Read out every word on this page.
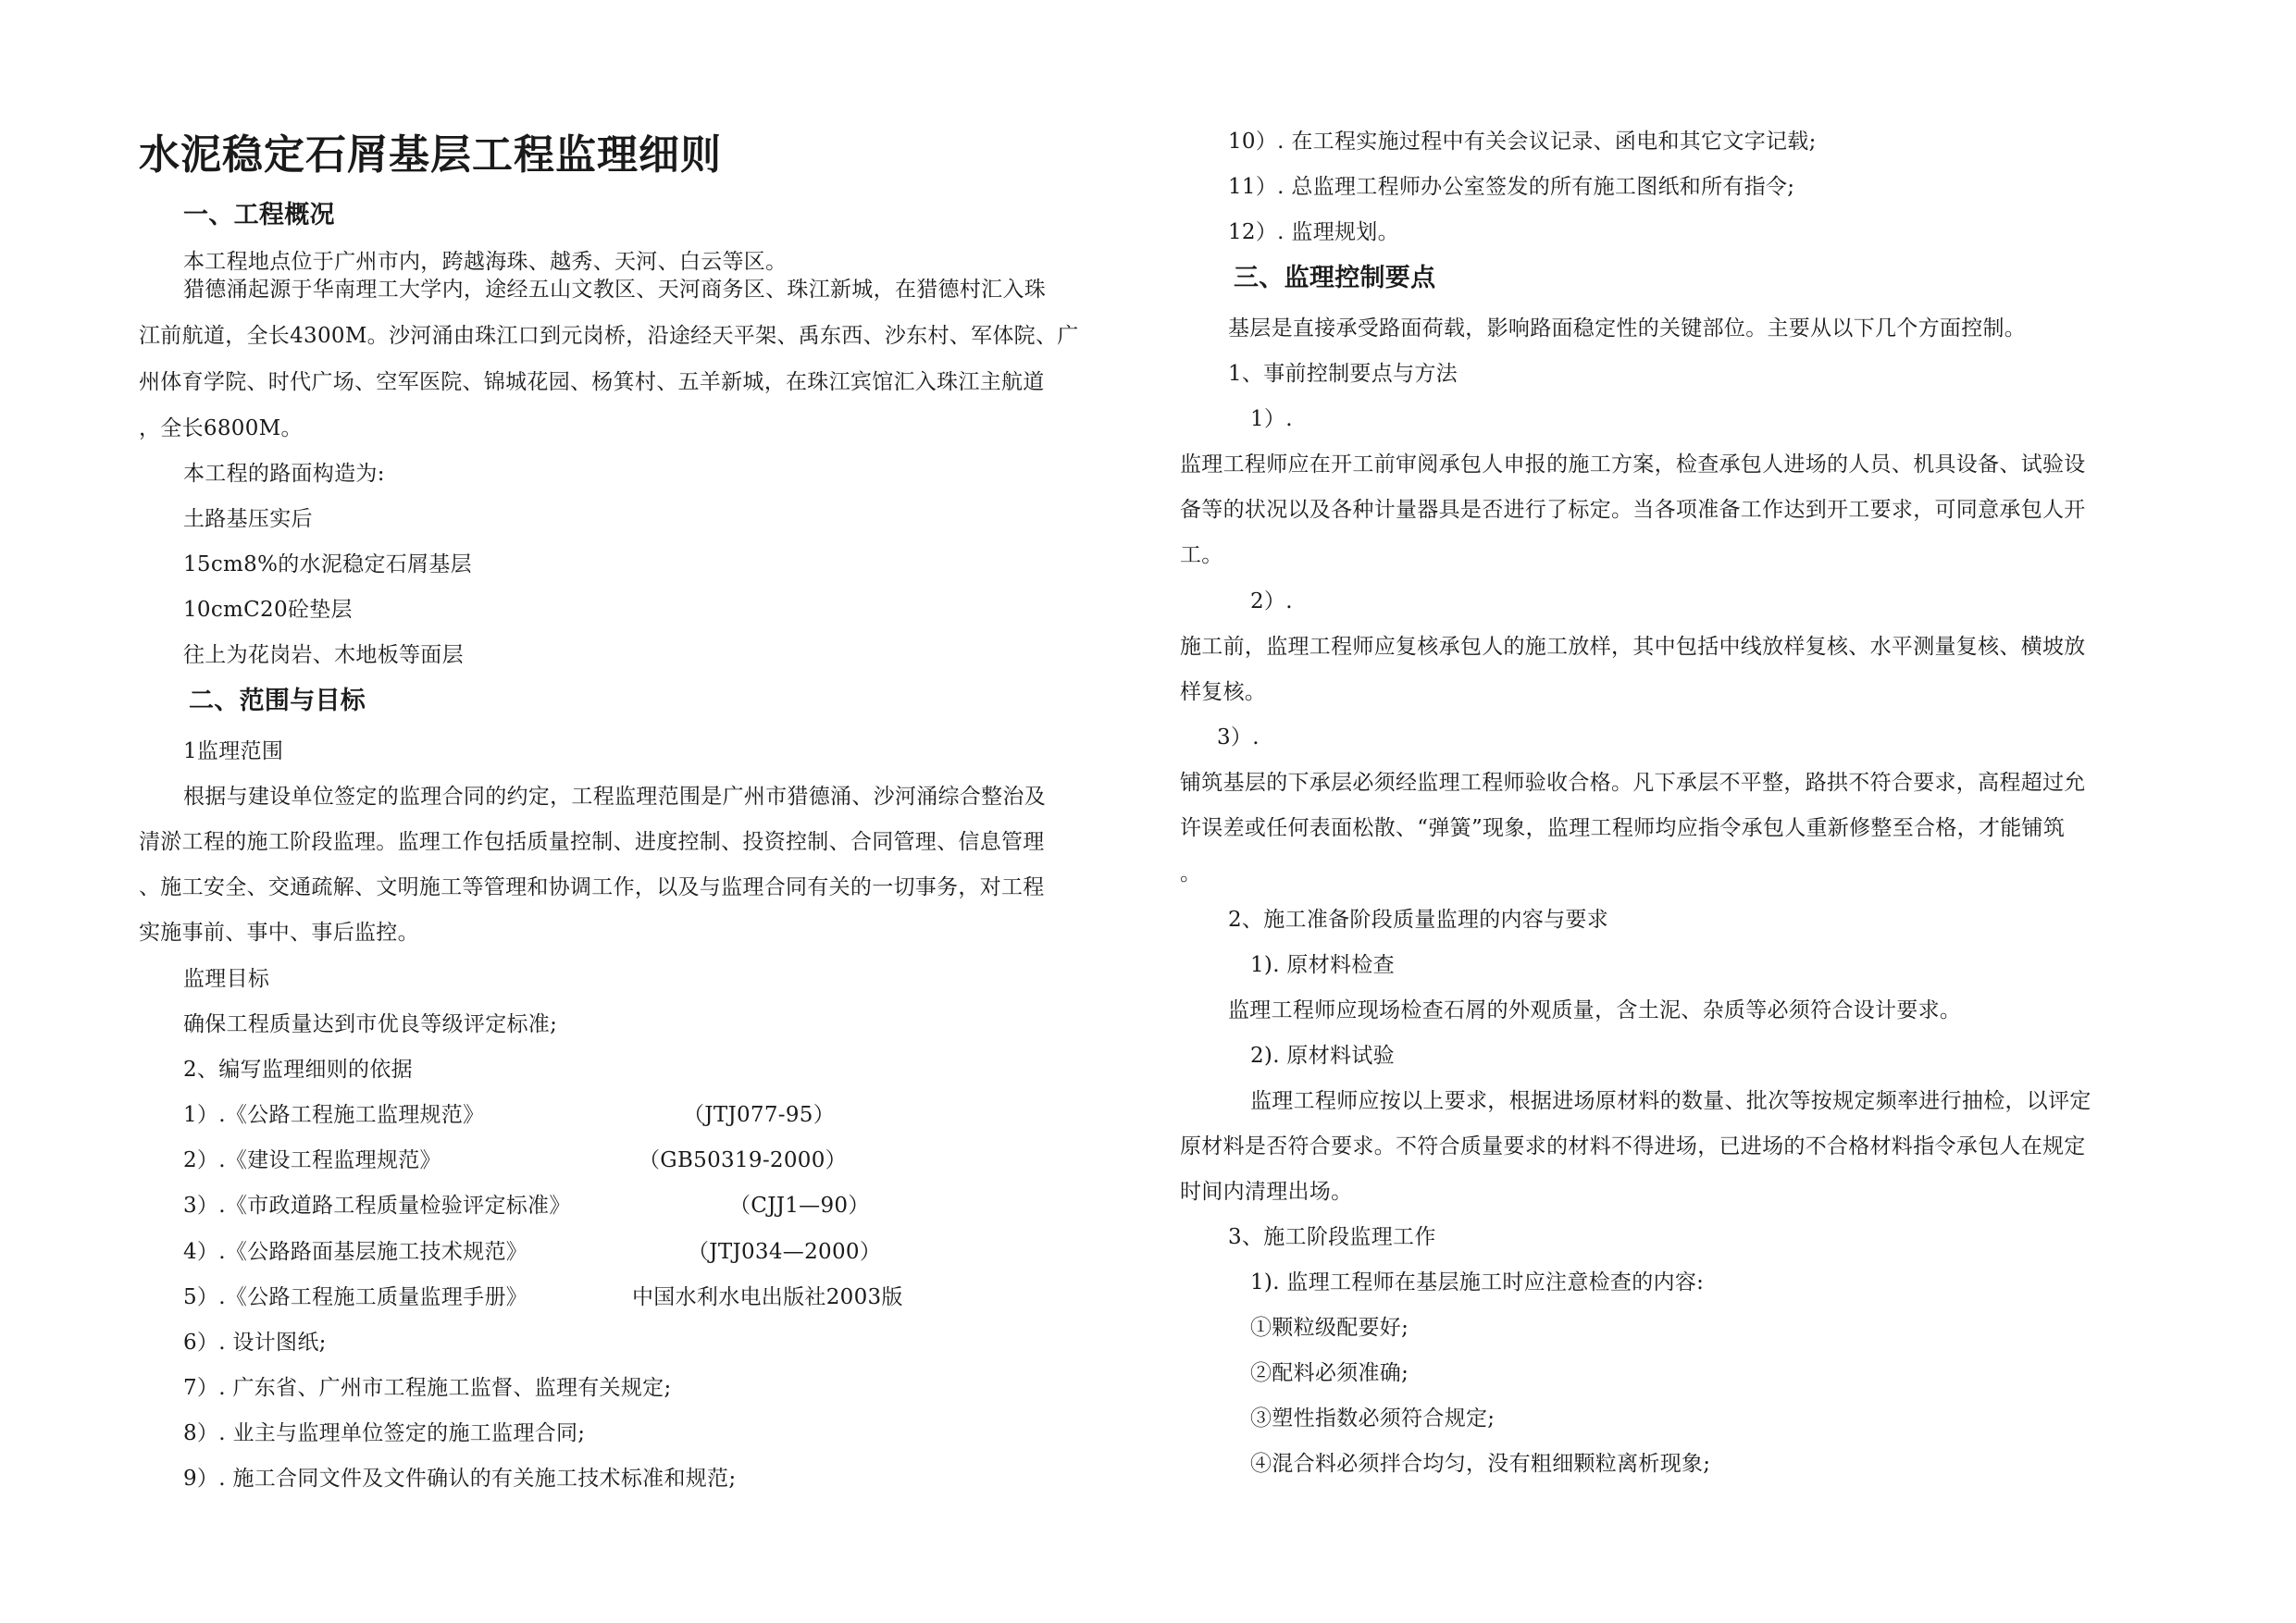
水泥稳定石屑基层工程监理细则
一、工程概况
本工程地点位于广州市内，跨越海珠、越秀、天河、白云等区。
猎德涌起源于华南理工大学内，途经五山文教区、天河商务区、珠江新城，在猎德村汇入珠
江前航道，全长4300M。沙河涌由珠江口到元岗桥，沿途经天平架、禹东西、沙东村、军体院、广
州体育学院、时代广场、空军医院、锦城花园、杨箕村、五羊新城，在珠江宾馆汇入珠江主航道
，全长6800M。
本工程的路面构造为:
土路基压实后
15cm8%的水泥稳定石屑基层
10cmC20砼垫层
往上为花岗岩、木地板等面层
二、范围与目标
1监理范围
根据与建设单位签定的监理合同的约定，工程监理范围是广州市猎德涌、沙河涌综合整治及
清淤工程的施工阶段监理。监理工作包括质量控制、进度控制、投资控制、合同管理、信息管理
、施工安全、交通疏解、文明施工等管理和协调工作，以及与监理合同有关的一切事务，对工程
实施事前、事中、事后监控。
监理目标
确保工程质量达到市优良等级评定标准;
2、编写监理细则的依据
1）.《公路工程施工监理规范》	（JTJ077-95）
2）.《建设工程监理规范》	（GB50319-2000）
3）.《市政道路工程质量检验评定标准》	（CJJ1—90）
4）.《公路路面基层施工技术规范》	（JTJ034—2000）
5）.《公路工程施工质量监理手册》	中国水利水电出版社2003版
6）. 设计图纸;
7）. 广东省、广州市工程施工监督、监理有关规定;
8）. 业主与监理单位签定的施工监理合同;
9）. 施工合同文件及文件确认的有关施工技术标准和规范;
10）. 在工程实施过程中有关会议记录、函电和其它文字记载;
11）. 总监理工程师办公室签发的所有施工图纸和所有指令;
12）. 监理规划。
三、监理控制要点
基层是直接承受路面荷载，影响路面稳定性的关键部位。主要从以下几个方面控制。
1、事前控制要点与方法
1）.
监理工程师应在开工前审阅承包人申报的施工方案，检查承包人进场的人员、机具设备、试验设
备等的状况以及各种计量器具是否进行了标定。当各项准备工作达到开工要求，可同意承包人开
工。
2）.
施工前，监理工程师应复核承包人的施工放样，其中包括中线放样复核、水平测量复核、横坡放
样复核。
3）.
铺筑基层的下承层必须经监理工程师验收合格。凡下承层不平整，路拱不符合要求，高程超过允
许误差或任何表面松散、“弹簧”现象，监理工程师均应指令承包人重新修整至合格，才能铺筑
。
2、施工准备阶段质量监理的内容与要求
1). 原材料检查
监理工程师应现场检查石屑的外观质量，含土泥、杂质等必须符合设计要求。
2). 原材料试验
监理工程师应按以上要求，根据进场原材料的数量、批次等按规定频率进行抽检，以评定
原材料是否符合要求。不符合质量要求的材料不得进场，已进场的不合格材料指令承包人在规定
时间内清理出场。
3、施工阶段监理工作
1). 监理工程师在基层施工时应注意检查的内容:
①颗粒级配要好;
②配料必须准确;
③塑性指数必须符合规定;
④混合料必须拌合均匀，没有粗细颗粒离析现象;
